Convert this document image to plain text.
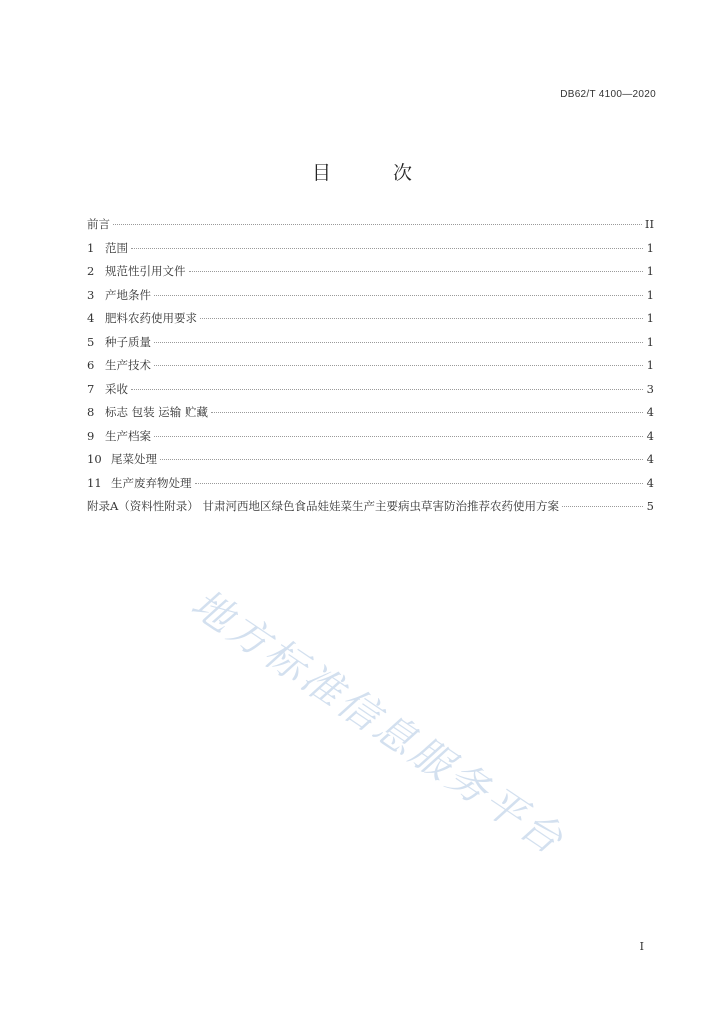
DB62/T 4100—2020
目 次
前言	II
1 范围	1
2 规范性引用文件	1
3 产地条件	1
4 肥料农药使用要求	1
5 种子质量	1
6 生产技术	1
7 采收	3
8 标志 包装 运输 贮藏	4
9 生产档案	4
10 尾菜处理	4
11 生产废弃物处理	4
附录A（资料性附录） 甘肃河西地区绿色食品娃娃菜生产主要病虫草害防治推荐农药使用方案	5
地方标准信息服务平台
I
